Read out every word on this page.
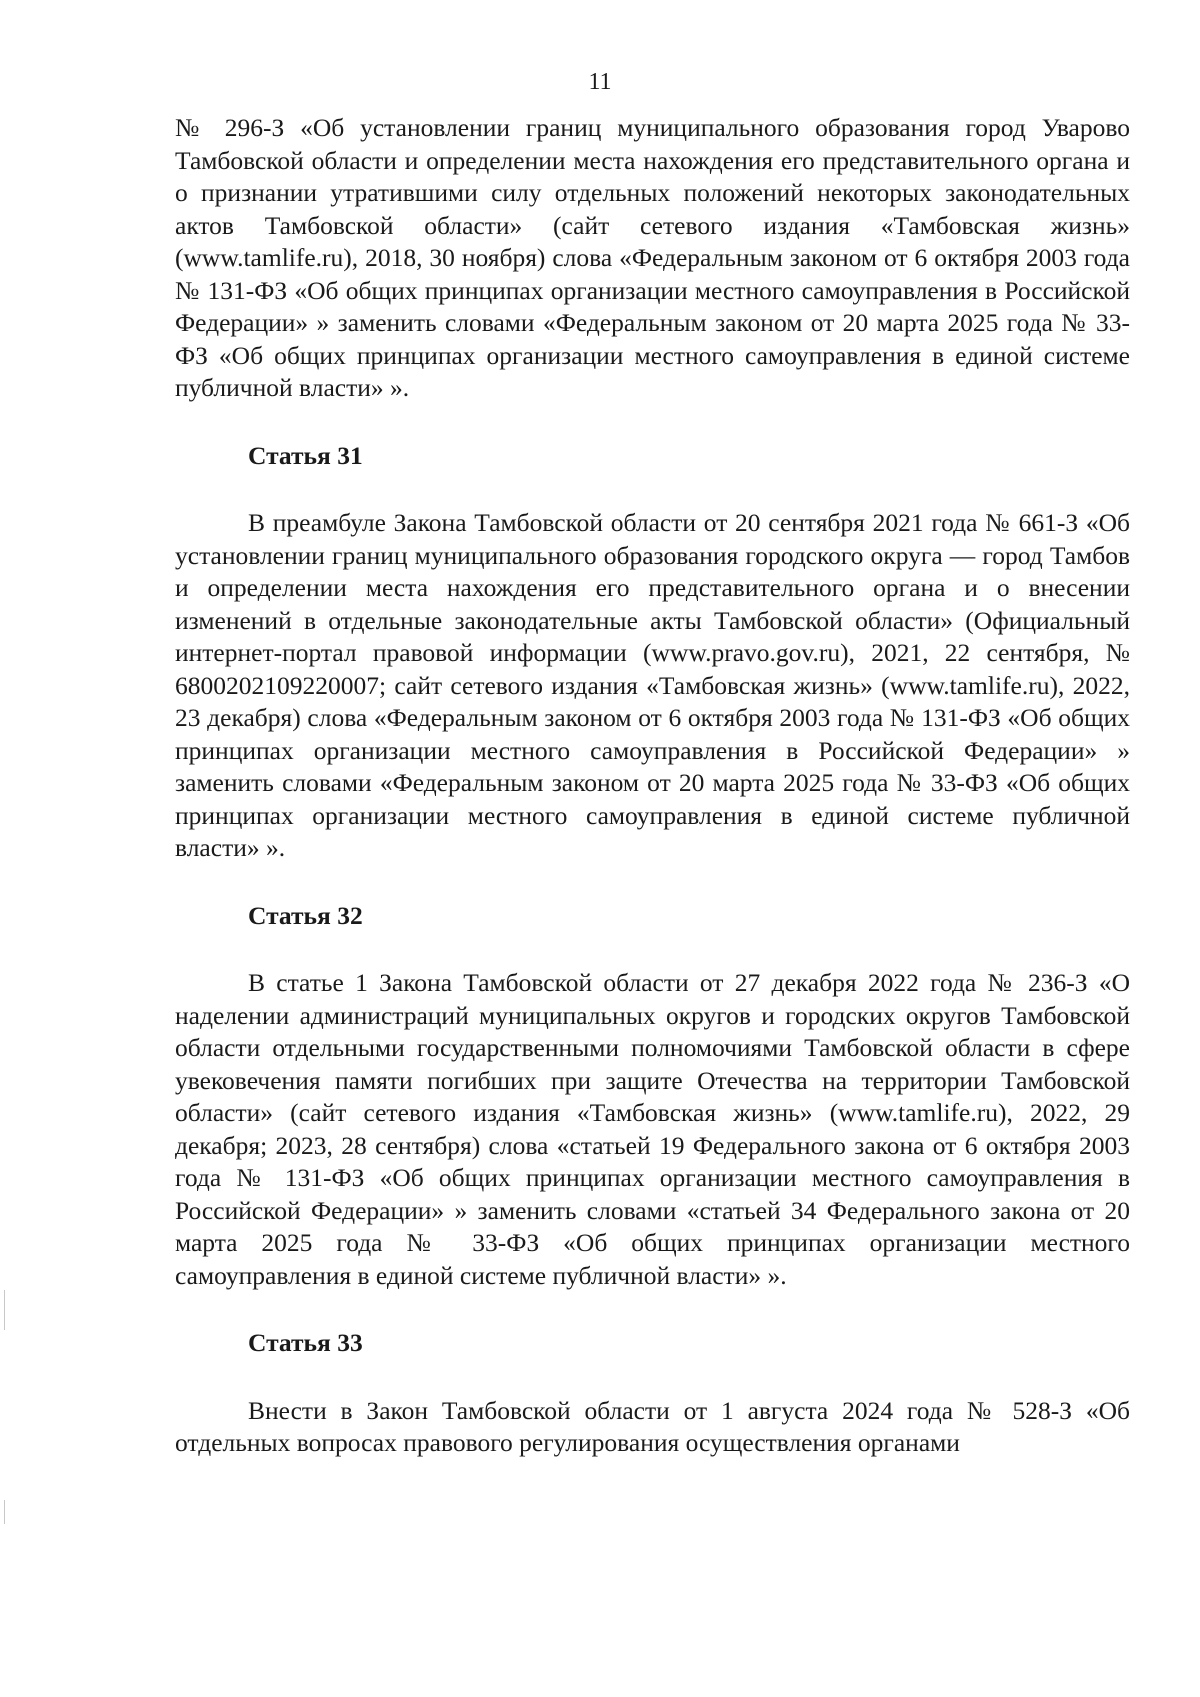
11

№ 296-З «Об установлении границ муниципального образования город Уварово Тамбовской области и определении места нахождения его представительного органа и о признании утратившими силу отдельных положений некоторых законодательных актов Тамбовской области» (сайт сетевого издания «Тамбовская жизнь» (www.tamlife.ru), 2018, 30 ноября) слова «Федеральным законом от 6 октября 2003 года № 131-ФЗ «Об общих принципах организации местного самоуправления в Российской Федерации» » заменить словами «Федеральным законом от 20 марта 2025 года № 33-ФЗ «Об общих принципах организации местного самоуправления в единой системе публичной власти» ».

Статья 31

В преамбуле Закона Тамбовской области от 20 сентября 2021 года № 661-З «Об установлении границ муниципального образования городского округа — город Тамбов и определении места нахождения его представительного органа и о внесении изменений в отдельные законодательные акты Тамбовской области» (Официальный интернет-портал правовой информации (www.pravo.gov.ru), 2021, 22 сентября, № 6800202109220007; сайт сетевого издания «Тамбовская жизнь» (www.tamlife.ru), 2022, 23 декабря) слова «Федеральным законом от 6 октября 2003 года № 131-ФЗ «Об общих принципах организации местного самоуправления в Российской Федерации» » заменить словами «Федеральным законом от 20 марта 2025 года № 33-ФЗ «Об общих принципах организации местного самоуправления в единой системе публичной власти» ».

Статья 32

В статье 1 Закона Тамбовской области от 27 декабря 2022 года № 236-З «О наделении администраций муниципальных округов и городских округов Тамбовской области отдельными государственными полномочиями Тамбовской области в сфере увековечения памяти погибших при защите Отечества на территории Тамбовской области» (сайт сетевого издания «Тамбовская жизнь» (www.tamlife.ru), 2022, 29 декабря; 2023, 28 сентября) слова «статьей 19 Федерального закона от 6 октября 2003 года № 131-ФЗ «Об общих принципах организации местного самоуправления в Российской Федерации» » заменить словами «статьей 34 Федерального закона от 20 марта 2025 года № 33-ФЗ «Об общих принципах организации местного самоуправления в единой системе публичной власти» ».

Статья 33

Внести в Закон Тамбовской области от 1 августа 2024 года № 528-З «Об отдельных вопросах правового регулирования осуществления органами
